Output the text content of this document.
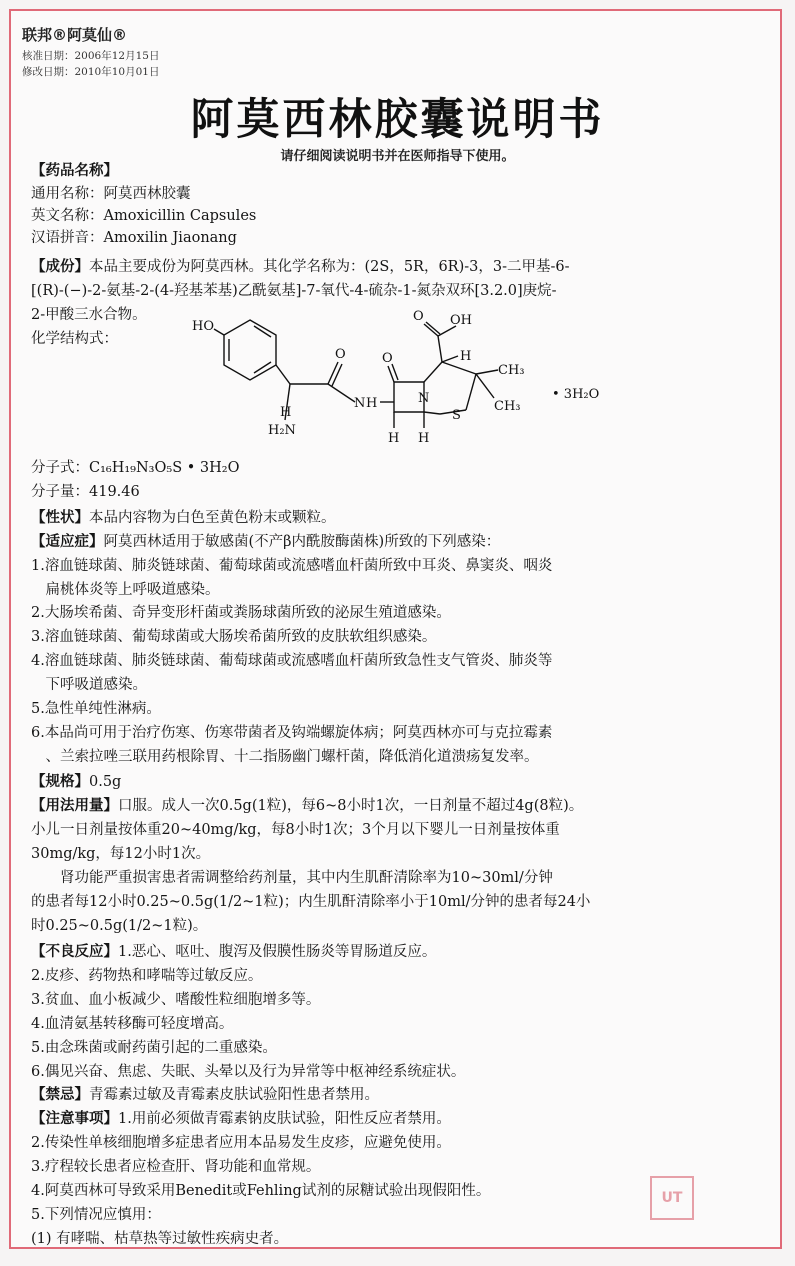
联邦®阿莫仙®
核准日期：2006年12月15日
修改日期：2010年10月01日
阿莫西林胶囊说明书
请仔细阅读说明书并在医师指导下使用。
【药品名称】
通用名称：阿莫西林胶囊
英文名称：Amoxicillin Capsules
汉语拼音：Amoxilin Jiaonang
【成份】本品主要成份为阿莫西林。其化学名称为：(2S，5R，6R)-3，3-二甲基-6-
[(R)-(−)-2-氨基-2-(4-羟基苯基)乙酰氨基]-7-氧代-4-硫杂-1-氮杂双环[3.2.0]庚烷-
2-甲酸三水合物。
化学结构式：
分子式：C₁₆H₁₉N₃O₅S • 3H₂O
分子量：419.46
【性状】本品内容物为白色至黄色粉末或颗粒。
【适应症】阿莫西林适用于敏感菌(不产β内酰胺酶菌株)所致的下列感染：
1.溶血链球菌、肺炎链球菌、葡萄球菌或流感嗜血杆菌所致中耳炎、鼻窦炎、咽炎
　扁桃体炎等上呼吸道感染。
2.大肠埃希菌、奇异变形杆菌或粪肠球菌所致的泌尿生殖道感染。
3.溶血链球菌、葡萄球菌或大肠埃希菌所致的皮肤软组织感染。
4.溶血链球菌、肺炎链球菌、葡萄球菌或流感嗜血杆菌所致急性支气管炎、肺炎等
　下呼吸道感染。
5.急性单纯性淋病。
6.本品尚可用于治疗伤寒、伤寒带菌者及钩端螺旋体病；阿莫西林亦可与克拉霉素
　、兰索拉唑三联用药根除胃、十二指肠幽门螺杆菌，降低消化道溃疡复发率。
【规格】0.5g
【用法用量】口服。成人一次0.5g(1粒)，每6~8小时1次，一日剂量不超过4g(8粒)。
小儿一日剂量按体重20~40mg/kg，每8小时1次；3个月以下婴儿一日剂量按体重
30mg/kg，每12小时1次。
　　肾功能严重损害患者需调整给药剂量，其中内生肌酐清除率为10~30ml/分钟
的患者每12小时0.25~0.5g(1/2~1粒)；内生肌酐清除率小于10ml/分钟的患者每24小
时0.25~0.5g(1/2~1粒)。
【不良反应】1.恶心、呕吐、腹泻及假膜性肠炎等胃肠道反应。
2.皮疹、药物热和哮喘等过敏反应。
3.贫血、血小板减少、嗜酸性粒细胞增多等。
4.血清氨基转移酶可轻度增高。
5.由念珠菌或耐药菌引起的二重感染。
6.偶见兴奋、焦虑、失眠、头晕以及行为异常等中枢神经系统症状。
【禁忌】青霉素过敏及青霉素皮肤试验阳性患者禁用。
【注意事项】1.用前必须做青霉素钠皮肤试验，阳性反应者禁用。
2.传染性单核细胞增多症患者应用本品易发生皮疹，应避免使用。
3.疗程较长患者应检查肝、肾功能和血常规。
4.阿莫西林可导致采用Benedit或Fehling试剂的尿糖试验出现假阳性。
5.下列情况应慎用：
(1) 有哮喘、枯草热等过敏性疾病史者。
HO	OH
O
O	O
N H	N
S
H H
H
CH₃
CH₃
H₂N
H
• 3H₂O
UT
